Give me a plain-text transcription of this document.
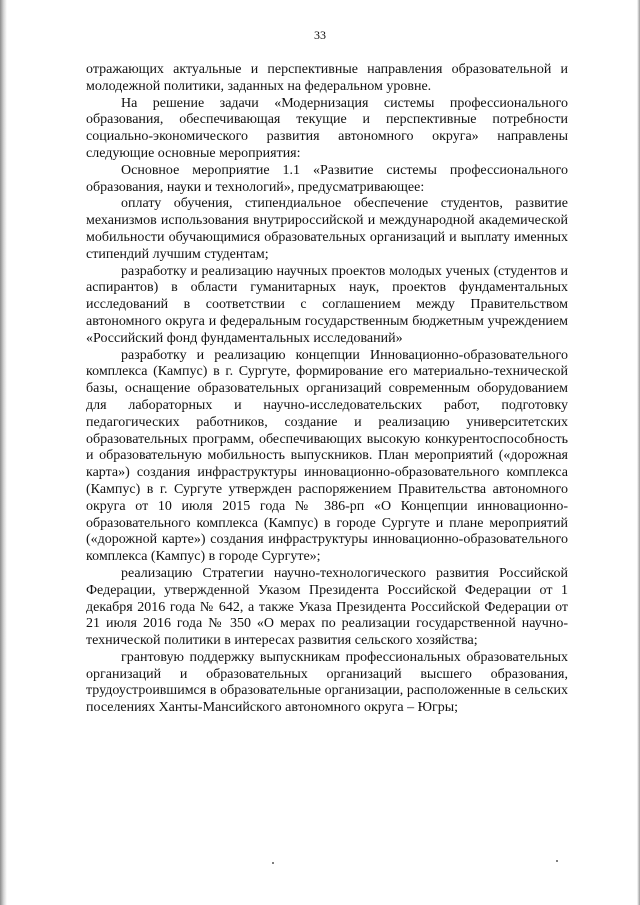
33

отражающих актуальные и перспективные направления образовательной и молодежной политики, заданных на федеральном уровне.

На решение задачи «Модернизация системы профессионального образования, обеспечивающая текущие и перспективные потребности социально-экономического развития автономного округа» направлены следующие основные мероприятия:

Основное мероприятие 1.1 «Развитие системы профессионального образования, науки и технологий», предусматривающее:

оплату обучения, стипендиальное обеспечение студентов, развитие механизмов использования внутрироссийской и международной академической мобильности обучающимися образовательных организаций и выплату именных стипендий лучшим студентам;

разработку и реализацию научных проектов молодых ученых (студентов и аспирантов) в области гуманитарных наук, проектов фундаментальных исследований в соответствии с соглашением между Правительством автономного округа и федеральным государственным бюджетным учреждением «Российский фонд фундаментальных исследований»

разработку и реализацию концепции Инновационно-образовательного комплекса (Кампус) в г. Сургуте, формирование его материально-технической базы, оснащение образовательных организаций современным оборудованием для лабораторных и научно-исследовательских работ, подготовку педагогических работников, создание и реализацию университетских образовательных программ, обеспечивающих высокую конкурентоспособность и образовательную мобильность выпускников. План мероприятий («дорожная карта») создания инфраструктуры инновационно-образовательного комплекса (Кампус) в г. Сургуте утвержден распоряжением Правительства автономного округа от 10 июля 2015 года № 386-рп «О Концепции инновационно-образовательного комплекса (Кампус) в городе Сургуте и плане мероприятий («дорожной карте») создания инфраструктуры инновационно-образовательного комплекса (Кампус) в городе Сургуте»;

реализацию Стратегии научно-технологического развития Российской Федерации, утвержденной Указом Президента Российской Федерации от 1 декабря 2016 года № 642, а также Указа Президента Российской Федерации от 21 июля 2016 года № 350 «О мерах по реализации государственной научно-технической политики в интересах развития сельского хозяйства;

грантовую поддержку выпускникам профессиональных образовательных организаций и образовательных организаций высшего образования, трудоустроившимся в образовательные организации, расположенные в сельских поселениях Ханты-Мансийского автономного округа – Югры;
